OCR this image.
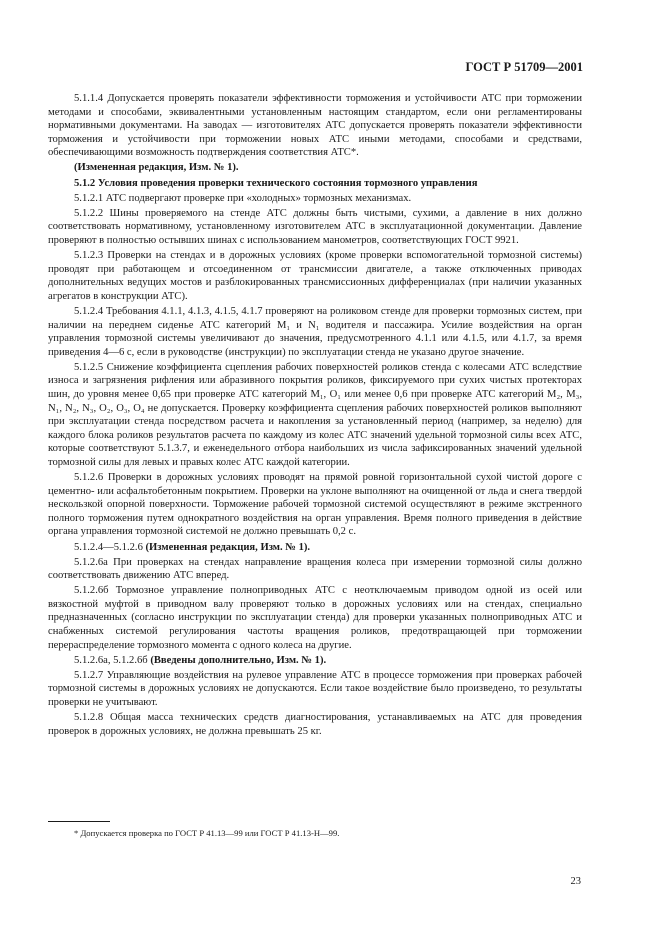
ГОСТ Р 51709—2001

5.1.1.4 Допускается проверять показатели эффективности торможения и устойчивости АТС при торможении методами и способами, эквивалентными установленным настоящим стандартом, если они регламентированы нормативными документами. На заводах — изготовителях АТС допускается проверять показатели эффективности торможения и устойчивости при торможении новых АТС иными методами, способами и средствами, обеспечивающими возможность подтверждения соответствия АТС*.

(Измененная редакция, Изм. № 1).

5.1.2 Условия проведения проверки технического состояния тормозного управления

5.1.2.1 АТС подвергают проверке при «холодных» тормозных механизмах.

5.1.2.2 Шины проверяемого на стенде АТС должны быть чистыми, сухими, а давление в них должно соответствовать нормативному, установленному изготовителем АТС в эксплуатационной документации. Давление проверяют в полностью остывших шинах с использованием манометров, соответствующих ГОСТ 9921.

5.1.2.3 Проверки на стендах и в дорожных условиях (кроме проверки вспомогательной тормозной системы) проводят при работающем и отсоединенном от трансмиссии двигателе, а также отключенных приводах дополнительных ведущих мостов и разблокированных трансмиссионных дифференциалах (при наличии указанных агрегатов в конструкции АТС).

5.1.2.4 Требования 4.1.1, 4.1.3, 4.1.5, 4.1.7 проверяют на роликовом стенде для проверки тормозных систем, при наличии на переднем сиденье АТС категорий M₁ и N₁ водителя и пассажира. Усилие воздействия на орган управления тормозной системы увеличивают до значения, предусмотренного 4.1.1 или 4.1.5, или 4.1.7, за время приведения 4—6 с, если в руководстве (инструкции) по эксплуатации стенда не указано другое значение.

5.1.2.5 Снижение коэффициента сцепления рабочих поверхностей роликов стенда с колесами АТС вследствие износа и загрязнения рифления или абразивного покрытия роликов, фиксируемого при сухих чистых протекторах шин, до уровня менее 0,65 при проверке АТС категорий M₁, O₁ или менее 0,6 при проверке АТС категорий M₂, M₃, N₁, N₂, N₃, O₂, O₃, O₄ не допускается. Проверку коэффициента сцепления рабочих поверхностей роликов выполняют при эксплуатации стенда посредством расчета и накопления за установленный период (например, за неделю) для каждого блока роликов результатов расчета по каждому из колес АТС значений удельной тормозной силы всех АТС, которые соответствуют 5.1.3.7, и еженедельного отбора наибольших из числа зафиксированных значений удельной тормозной силы для левых и правых колес АТС каждой категории.

5.1.2.6 Проверки в дорожных условиях проводят на прямой ровной горизонтальной сухой чистой дороге с цементно- или асфальтобетонным покрытием. Проверки на уклоне выполняют на очищенной от льда и снега твердой нескользкой опорной поверхности. Торможение рабочей тормозной системой осуществляют в режиме экстренного полного торможения путем однократного воздействия на орган управления. Время полного приведения в действие органа управления тормозной системой не должно превышать 0,2 с.

5.1.2.4—5.1.2.6 (Измененная редакция, Изм. № 1).

5.1.2.6а При проверках на стендах направление вращения колеса при измерении тормозной силы должно соответствовать движению АТС вперед.

5.1.2.6б Тормозное управление полноприводных АТС с неотключаемым приводом одной из осей или вязкостной муфтой в приводном валу проверяют только в дорожных условиях или на стендах, специально предназначенных (согласно инструкции по эксплуатации стенда) для проверки указанных полноприводных АТС и снабженных системой регулирования частоты вращения роликов, предотвращающей при торможении перераспределение тормозного момента с одного колеса на другие.

5.1.2.6а, 5.1.2.6б (Введены дополнительно, Изм. № 1).

5.1.2.7 Управляющие воздействия на рулевое управление АТС в процессе торможения при проверках рабочей тормозной системы в дорожных условиях не допускаются. Если такое воздействие было произведено, то результаты проверки не учитывают.

5.1.2.8 Общая масса технических средств диагностирования, устанавливаемых на АТС для проведения проверок в дорожных условиях, не должна превышать 25 кг.

* Допускается проверка по ГОСТ Р 41.13—99 или ГОСТ Р 41.13-Н—99.
23
